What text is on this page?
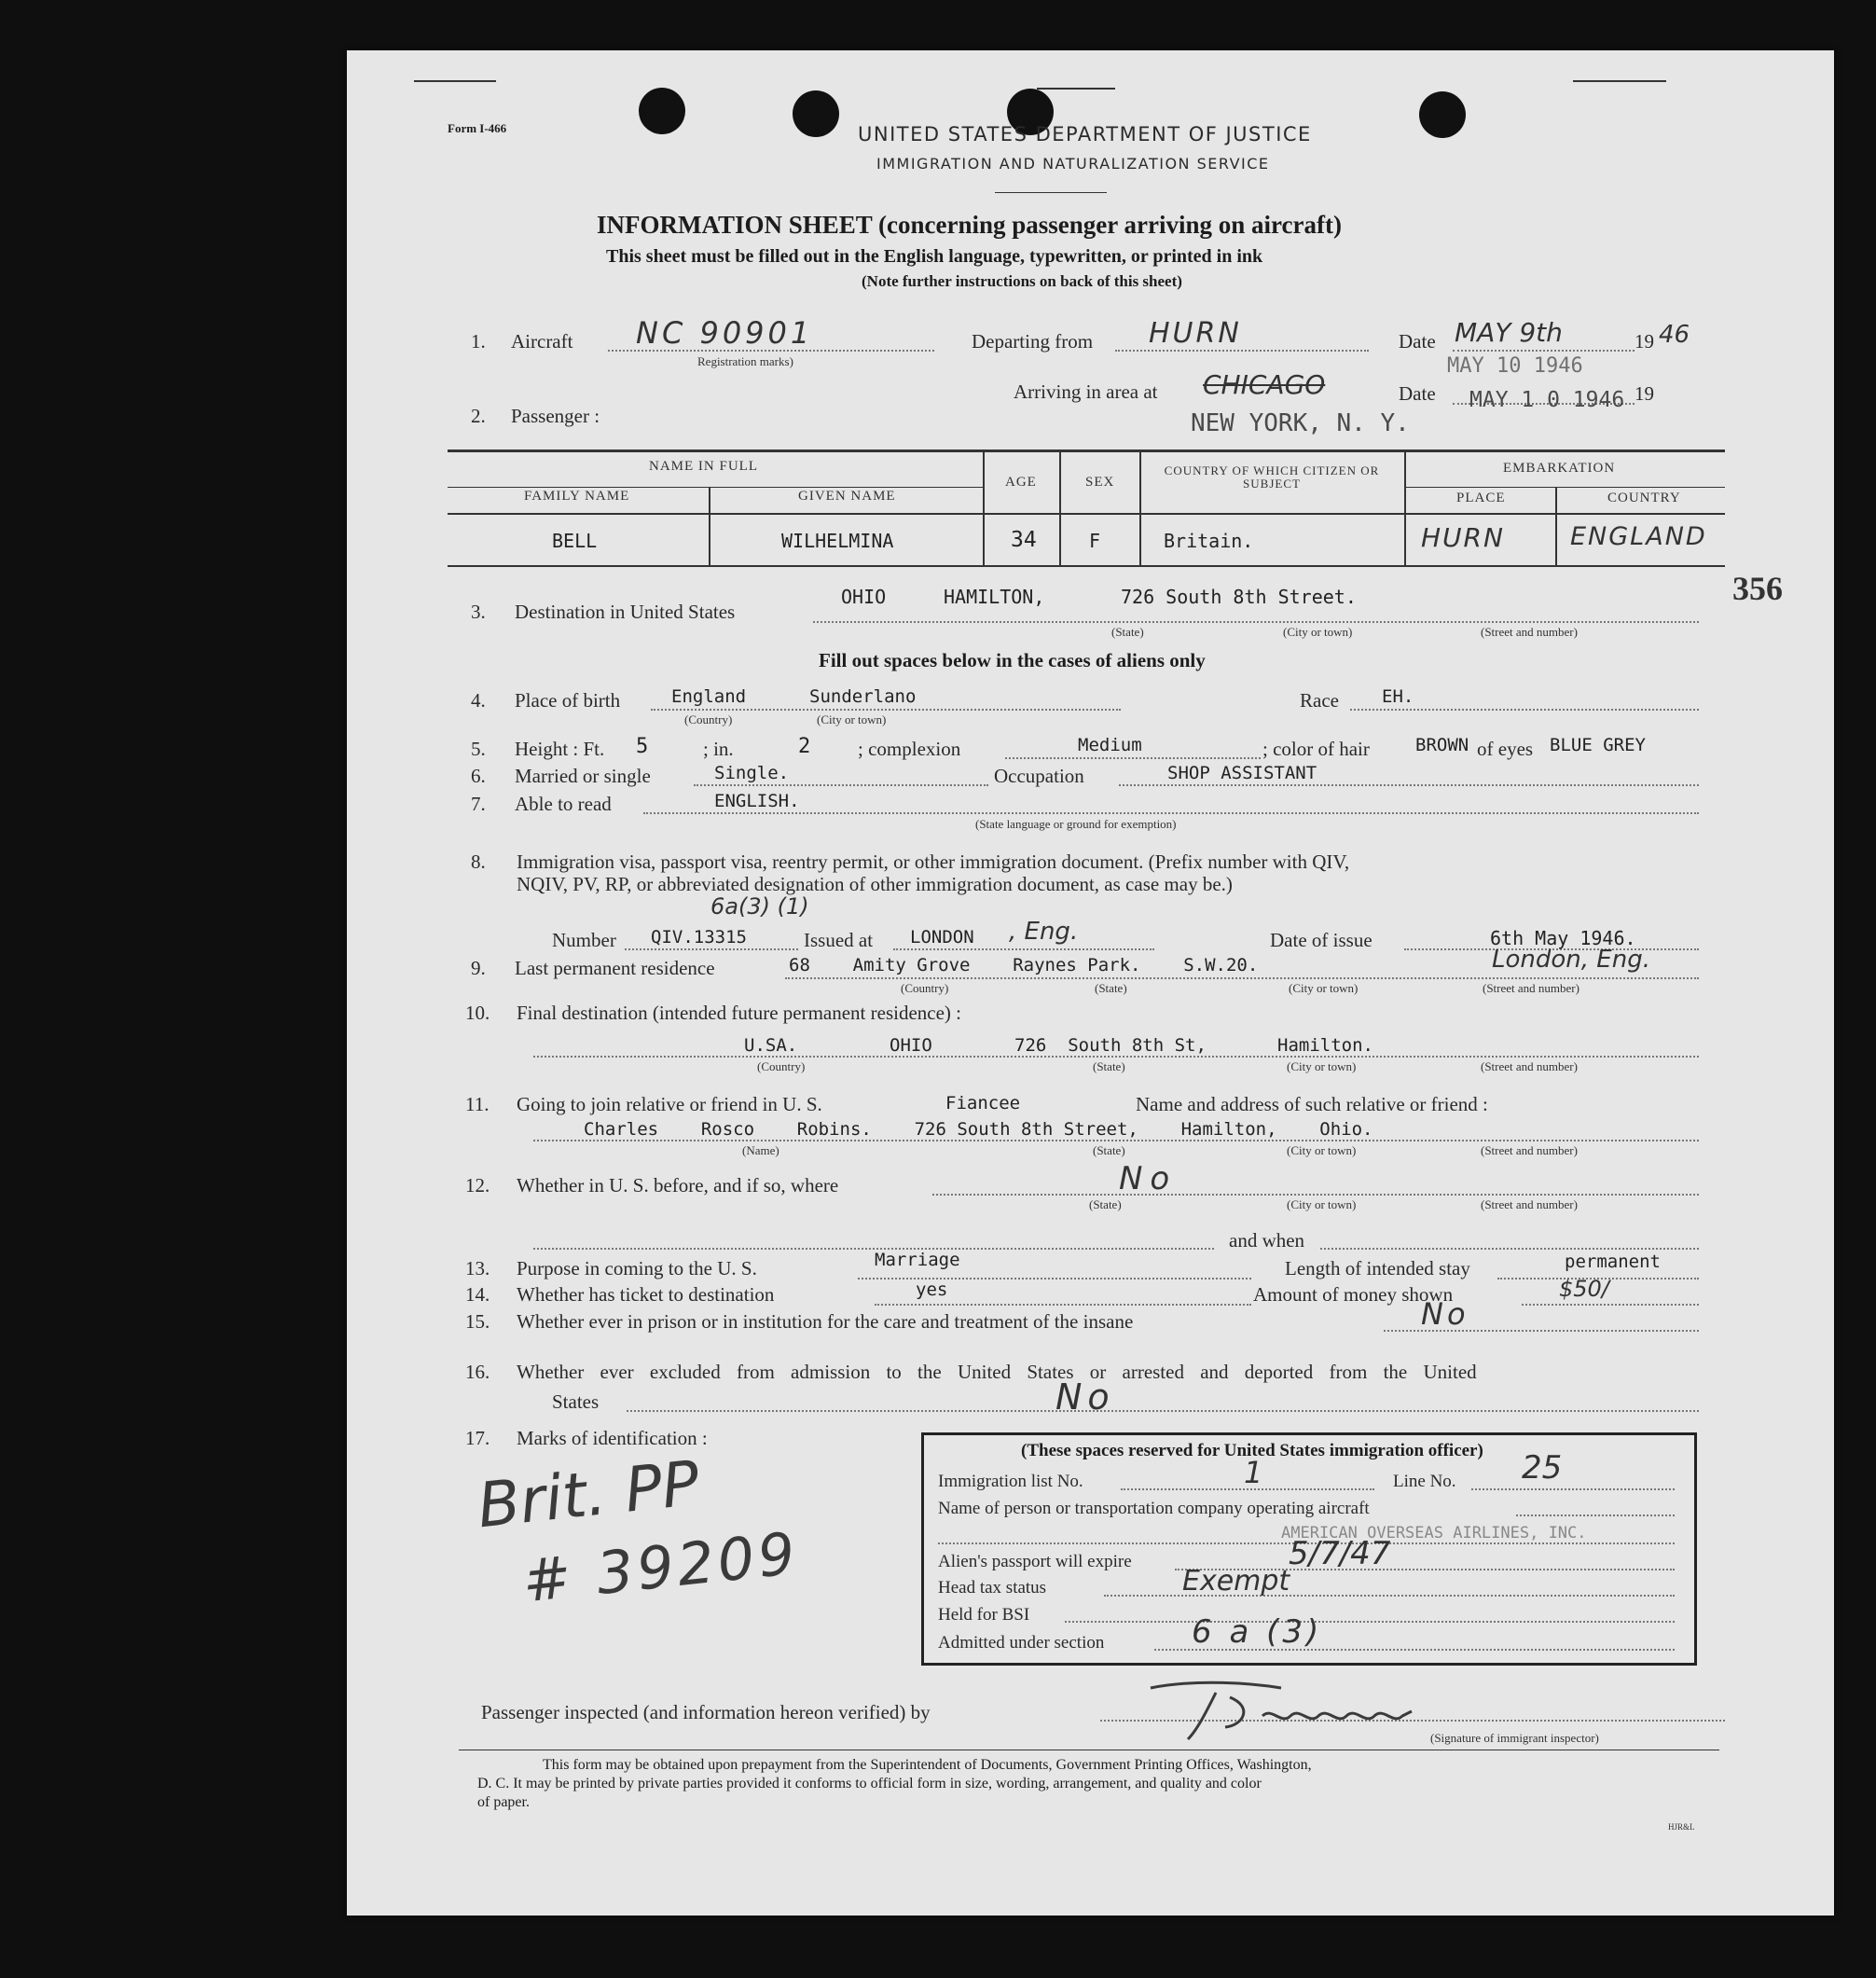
Form I-466	UNITED STATES DEPARTMENT OF JUSTICE
IMMIGRATION AND NATURALIZATION SERVICE
INFORMATION SHEET (concerning passenger arriving on aircraft)
This sheet must be filled out in the English language, typewritten, or printed in ink
(Note further instructions on back of this sheet)
1. Aircraft NC 90901
Registration marks)
Departing from HURN	Date MAY 9th	19 46
MAY 10 1946
Arriving in area at CHICAGO
NEW YORK, N. Y.
Date MAY 1 0 1946 19
2. Passenger :
NAME IN FULL
FAMILY NAME	GIVEN NAME
AGE	SEX
COUNTRY OF WHICH CITIZEN OR SUBJECT
EMBARKATION
PLACE	COUNTRY
BELL	WILHELMINA	34	F	Britain.	HURN	ENGLAND
356
3. Destination in United States
OHIO	HAMILTON,	726 South 8th Street.
(State)	(City or town)	(Street and number)
Fill out spaces below in the cases of aliens only
4. Place of birth	England	Sunderlano
(Country)	(City or town)
Race EH.
5. Height : Ft. 5	; in.	2 ; complexion	Medium	; color of hair	BROWN of eyes BLUE GREY
6. Married or single	Single.	Occupation	SHOP ASSISTANT
7. Able to read	ENGLISH.
(State language or ground for exemption)
8. Immigration visa, passport visa, reentry permit, or other immigration document. (Prefix number with QIV,
NQIV, PV, RP, or abbreviated designation of other immigration document, as case may be.)
6a(3) (1)
Number QIV.13315	Issued at LONDON , Eng.	Date of issue	6th May 1946.
9. Last permanent residence	68    Amity Grove    Raynes Park.    S.W.20.	London, Eng.
(Country)	(State)	(City or town)	(Street and number)
10. Final destination (intended future permanent residence) :
U.SA.	OHIO	726  South 8th St,	Hamilton.
(Country)	(State)	(City or town)	(Street and number)
11. Going to join relative or friend in U. S.	Fiancee	Name and address of such relative or friend :
Charles    Rosco    Robins.    726 South 8th Street,    Hamilton,    Ohio.
(Name)	(State)	(City or town)	(Street and number)
12. Whether in U. S. before, and if so, where	No
(State)	(City or town)	(Street and number)
and when
13. Purpose in coming to the U. S.	Marriage	Length of intended stay	permanent
14. Whether has ticket to destination	yes	Amount of money shown	$50/
15. Whether ever in prison or in institution for the care and treatment of the insane	No
16. Whether ever excluded from admission to the United States or arrested and deported from the United
States	No
17. Marks of identification :
Brit. PP
# 39209
(These spaces reserved for United States immigration officer)
Immigration list No.	1	Line No. 25
Name of person or transportation company operating aircraft
AMERICAN OVERSEAS AIRLINES, INC.
Alien's passport will expire	5/7/47
Head tax status	Exempt
Held for BSI
Admitted under section	6 a (3)
Passenger inspected (and information hereon verified) by
(Signature of immigrant inspector)
This form may be obtained upon prepayment from the Superintendent of Documents, Government Printing Offices, Washington,
D. C. It may be printed by private parties provided it conforms to official form in size, wording, arrangement, and quality and color
of paper.
HJR&L
